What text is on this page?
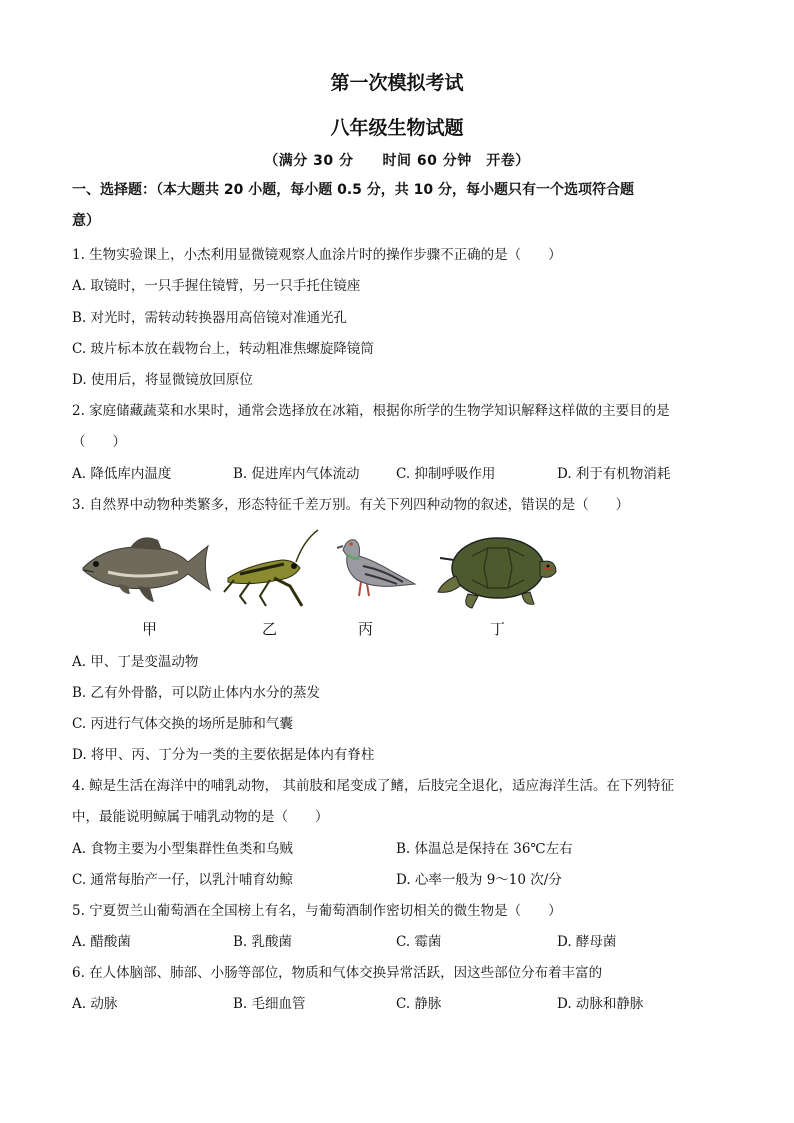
第一次模拟考试
八年级生物试题
（满分 30 分　　时间 60 分钟　开卷）
一、选择题：（本大题共 20 小题，每小题 0.5 分，共 10 分，每小题只有一个选项符合题
意）
1. 生物实验课上，小杰利用显微镜观察人血涂片时的操作步骤不正确的是（　　）
A. 取镜时，一只手握住镜臂，另一只手托住镜座
B. 对光时，需转动转换器用高倍镜对准通光孔
C. 玻片标本放在载物台上，转动粗准焦螺旋降镜筒
D. 使用后，将显微镜放回原位
2. 家庭储藏蔬菜和水果时，通常会选择放在冰箱，根据你所学的生物学知识解释这样做的主要目的是
（　　）
A. 降低库内温度	B. 促进库内气体流动	C. 抑制呼吸作用	D. 利于有机物消耗
3. 自然界中动物种类繁多，形态特征千差万别。有关下列四种动物的叙述，错误的是（　　）
甲	乙	丙	丁
A. 甲、丁是变温动物
B. 乙有外骨骼，可以防止体内水分的蒸发
C. 丙进行气体交换的场所是肺和气囊
D. 将甲、丙、丁分为一类的主要依据是体内有脊柱
4. 鲸是生活在海洋中的哺乳动物， 其前肢和尾变成了鳍，后肢完全退化，适应海洋生活。在下列特征
中，最能说明鲸属于哺乳动物的是（　　）
A. 食物主要为小型集群性鱼类和乌贼	B. 体温总是保持在 36℃左右
C. 通常每胎产一仔，以乳汁哺育幼鲸	D. 心率一般为 9～10 次/分
5. 宁夏贺兰山葡萄酒在全国榜上有名，与葡萄酒制作密切相关的微生物是（　　）
A. 醋酸菌	B. 乳酸菌	C. 霉菌	D. 酵母菌
6. 在人体脑部、肺部、小肠等部位，物质和气体交换异常活跃，因这些部位分布着丰富的
A. 动脉	B. 毛细血管	C. 静脉	D. 动脉和静脉
